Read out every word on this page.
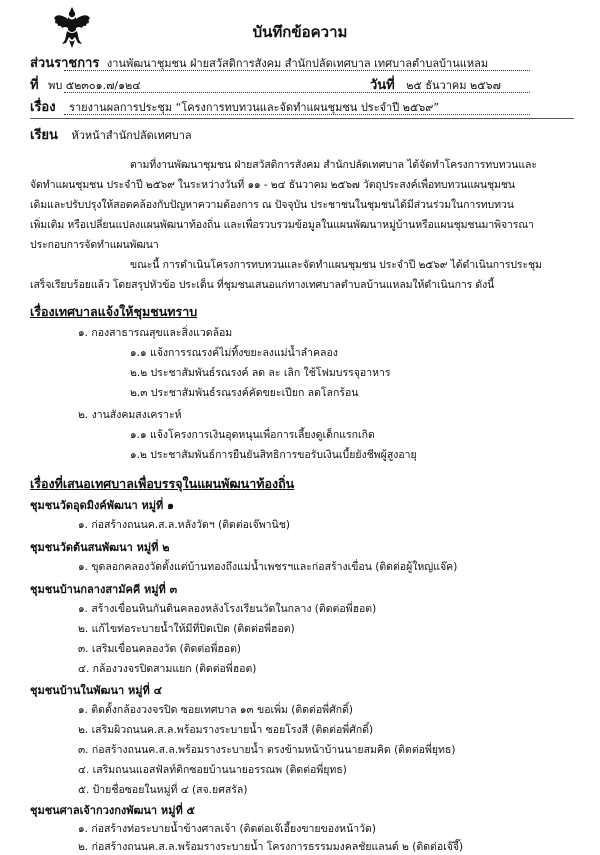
บันทึกข้อความ
ส่วนราชการ งานพัฒนาชุมชน ฝ่ายสวัสดิการสังคม สำนักปลัดเทศบาล เทศบาลตำบลบ้านแหลม
ที่ พบ ๕๒๓๐๑.๗/๑๒๔	วันที่ ๒๕ ธันวาคม ๒๕๖๗
เรื่อง รายงานผลการประชุม “โครงการทบทวนและจัดทำแผนชุมชน ประจำปี ๒๕๖๙”
เรียน หัวหน้าสำนักปลัดเทศบาล
ตามที่งานพัฒนาชุมชน ฝ่ายสวัสดิการสังคม สำนักปลัดเทศบาล ได้จัดทำโครงการทบทวนและ
จัดทำแผนชุมชน ประจำปี ๒๕๖๙ ในระหว่างวันที่ ๑๑ - ๒๔ ธันวาคม ๒๕๖๗ วัตถุประสงค์เพื่อทบทวนแผนชุมชน
เดิมและปรับปรุงให้สอดคล้องกับปัญหาความต้องการ ณ ปัจจุบัน ประชาชนในชุมชนได้มีส่วนร่วมในการทบทวน
เพิ่มเติม หรือเปลี่ยนแปลงแผนพัฒนาท้องถิ่น และเพื่อรวบรวมข้อมูลในแผนพัฒนาหมู่บ้านหรือแผนชุมชนมาพิจารณา
ประกอบการจัดทำแผนพัฒนา
ขณะนี้ การดำเนินโครงการทบทวนและจัดทำแผนชุมชน ประจำปี ๒๕๖๙ ได้ดำเนินการประชุม
เสร็จเรียบร้อยแล้ว โดยสรุปหัวข้อ ประเด็น ที่ชุมชนเสนอแก่ทางเทศบาลตำบลบ้านแหลมให้ดำเนินการ ดังนี้
เรื่องเทศบาลแจ้งให้ชุมชนทราบ
๑. กองสาธารณสุขและสิ่งแวดล้อม
๑.๑ แจ้งการรณรงค์ไม่ทิ้งขยะลงแม่น้ำลำคลอง
๒.๒ ประชาสัมพันธ์รณรงค์ ลด ละ เลิก ใช้โฟมบรรจุอาหาร
๒.๓ ประชาสัมพันธ์รณรงค์คัดขยะเปียก ลดโลกร้อน
๒. งานสังคมสงเคราะห์
๑.๑ แจ้งโครงการเงินอุดหนุนเพื่อการเลี้ยงดูเด็กแรกเกิด
๑.๒ ประชาสัมพันธ์การยืนยันสิทธิการขอรับเงินเบี้ยยังชีพผู้สูงอายุ
เรื่องที่เสนอเทศบาลเพื่อบรรจุในแผนพัฒนาท้องถิ่น
ชุมชนวัดอุดมิงค์พัฒนา หมู่ที่ ๑
๑. ก่อสร้างถนนค.ส.ล.หลังวัดฯ (ติดต่อเจ๊พานิช)
ชุมชนวัดต้นสนพัฒนา หมู่ที่ ๒
๑. ขุดลอกคลองวัดตั้งแต่บ้านทองถึงแม่น้ำเพชรฯและก่อสร้างเขื่อน (ติดต่อผู้ใหญ่แจ๊ค)
ชุมชนบ้านกลางสามัคคี หมู่ที่ ๓
๑. สร้างเขื่อนหินกันดินคลองหลังโรงเรียนวัดในกลาง (ติดต่อพี่ฮอต)
๒. แก้ไขท่อระบายน้ำให้มีที่ปิดเปิด (ติดต่อพี่ฮอต)
๓. เสริมเขื่อนคลองวัด (ติดต่อพี่ฮอต)
๔. กล้องวงจรปิดสามแยก (ติดต่อพี่ฮอต)
ชุมชนบ้านในพัฒนา หมู่ที่ ๔
๑. ติดตั้งกล้องวงจรปิด ซอยเทศบาล ๑๓ ขอเพิ่ม (ติดต่อพี่ศักดิ์)
๒. เสริมผิวถนนค.ส.ล.พร้อมรางระบายน้ำ ซอยโรงสี (ติดต่อพี่ศักดิ์)
๓. ก่อสร้างถนนค.ส.ล.พร้อมรางระบายน้ำ ตรงข้ามหน้าบ้านนายสมคิด (ติดต่อพี่ยุทธ)
๔. เสริมถนนแอสฟัลท์ติกซอยบ้านนายอรรณพ (ติดต่อพี่ยุทธ)
๕. ป้ายชื่อซอยในหมู่ที่ ๔ (สจ.ยศสรัล)
ชุมชนศาลเจ้ากวงกงพัฒนา หมู่ที่ ๕
๑. ก่อสร้างท่อระบายน้ำข้างศาลเจ้า (ติดต่อเจ๊เอี้ยงขายของหน้าวัด)
๒. ก่อสร้างถนนค.ส.ล.พร้อมรางระบายน้ำ โครงการธรรมมงคลชัยแลนด์ ๒ (ติดต่อเจ๊จี๊)
